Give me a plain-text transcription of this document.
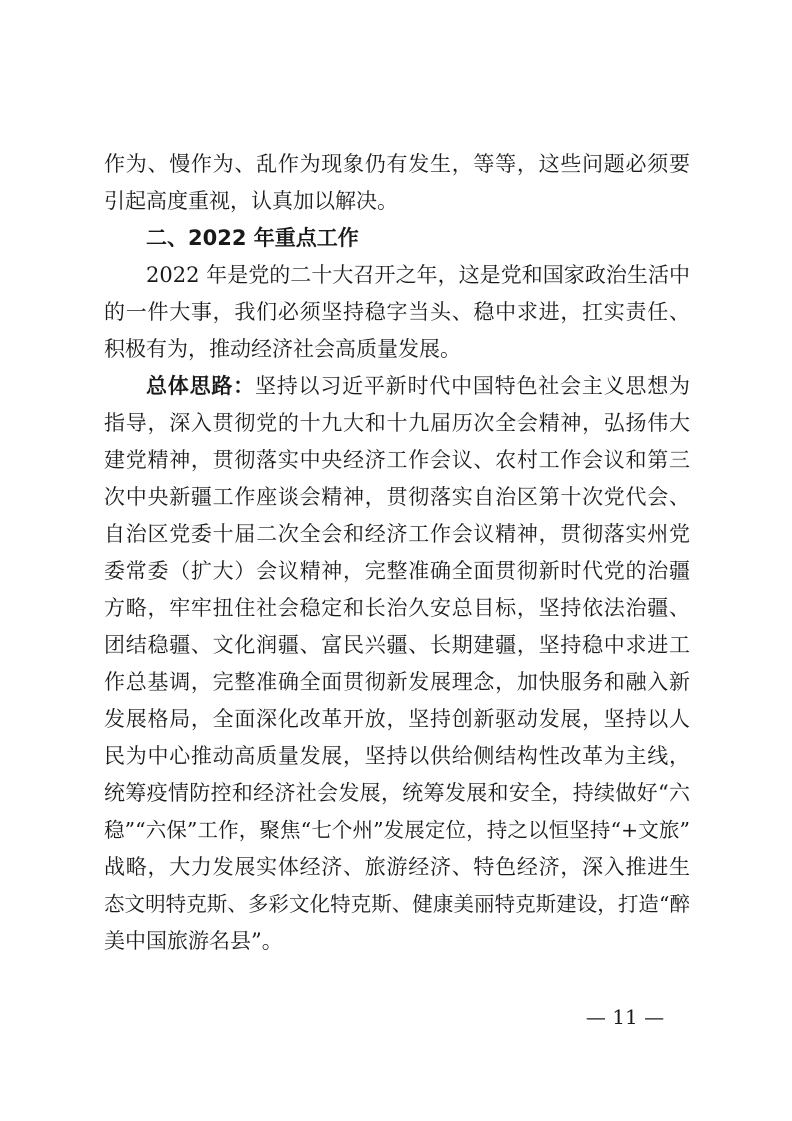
作为、慢作为、乱作为现象仍有发生，等等，这些问题必须要
引起高度重视，认真加以解决。
二、2022 年重点工作
2022 年是党的二十大召开之年，这是党和国家政治生活中
的一件大事，我们必须坚持稳字当头、稳中求进，扛实责任、
积极有为，推动经济社会高质量发展。
总体思路：坚持以习近平新时代中国特色社会主义思想为
指导，深入贯彻党的十九大和十九届历次全会精神，弘扬伟大
建党精神，贯彻落实中央经济工作会议、农村工作会议和第三
次中央新疆工作座谈会精神，贯彻落实自治区第十次党代会、
自治区党委十届二次全会和经济工作会议精神，贯彻落实州党
委常委（扩大）会议精神，完整准确全面贯彻新时代党的治疆
方略，牢牢扭住社会稳定和长治久安总目标，坚持依法治疆、
团结稳疆、文化润疆、富民兴疆、长期建疆，坚持稳中求进工
作总基调，完整准确全面贯彻新发展理念，加快服务和融入新
发展格局，全面深化改革开放，坚持创新驱动发展，坚持以人
民为中心推动高质量发展，坚持以供给侧结构性改革为主线，
统筹疫情防控和经济社会发展，统筹发展和安全，持续做好“六
稳”“六保”工作，聚焦“七个州”发展定位，持之以恒坚持“+文旅”
战略，大力发展实体经济、旅游经济、特色经济，深入推进生
态文明特克斯、多彩文化特克斯、健康美丽特克斯建设，打造“醉
美中国旅游名县”。
— 11 —
